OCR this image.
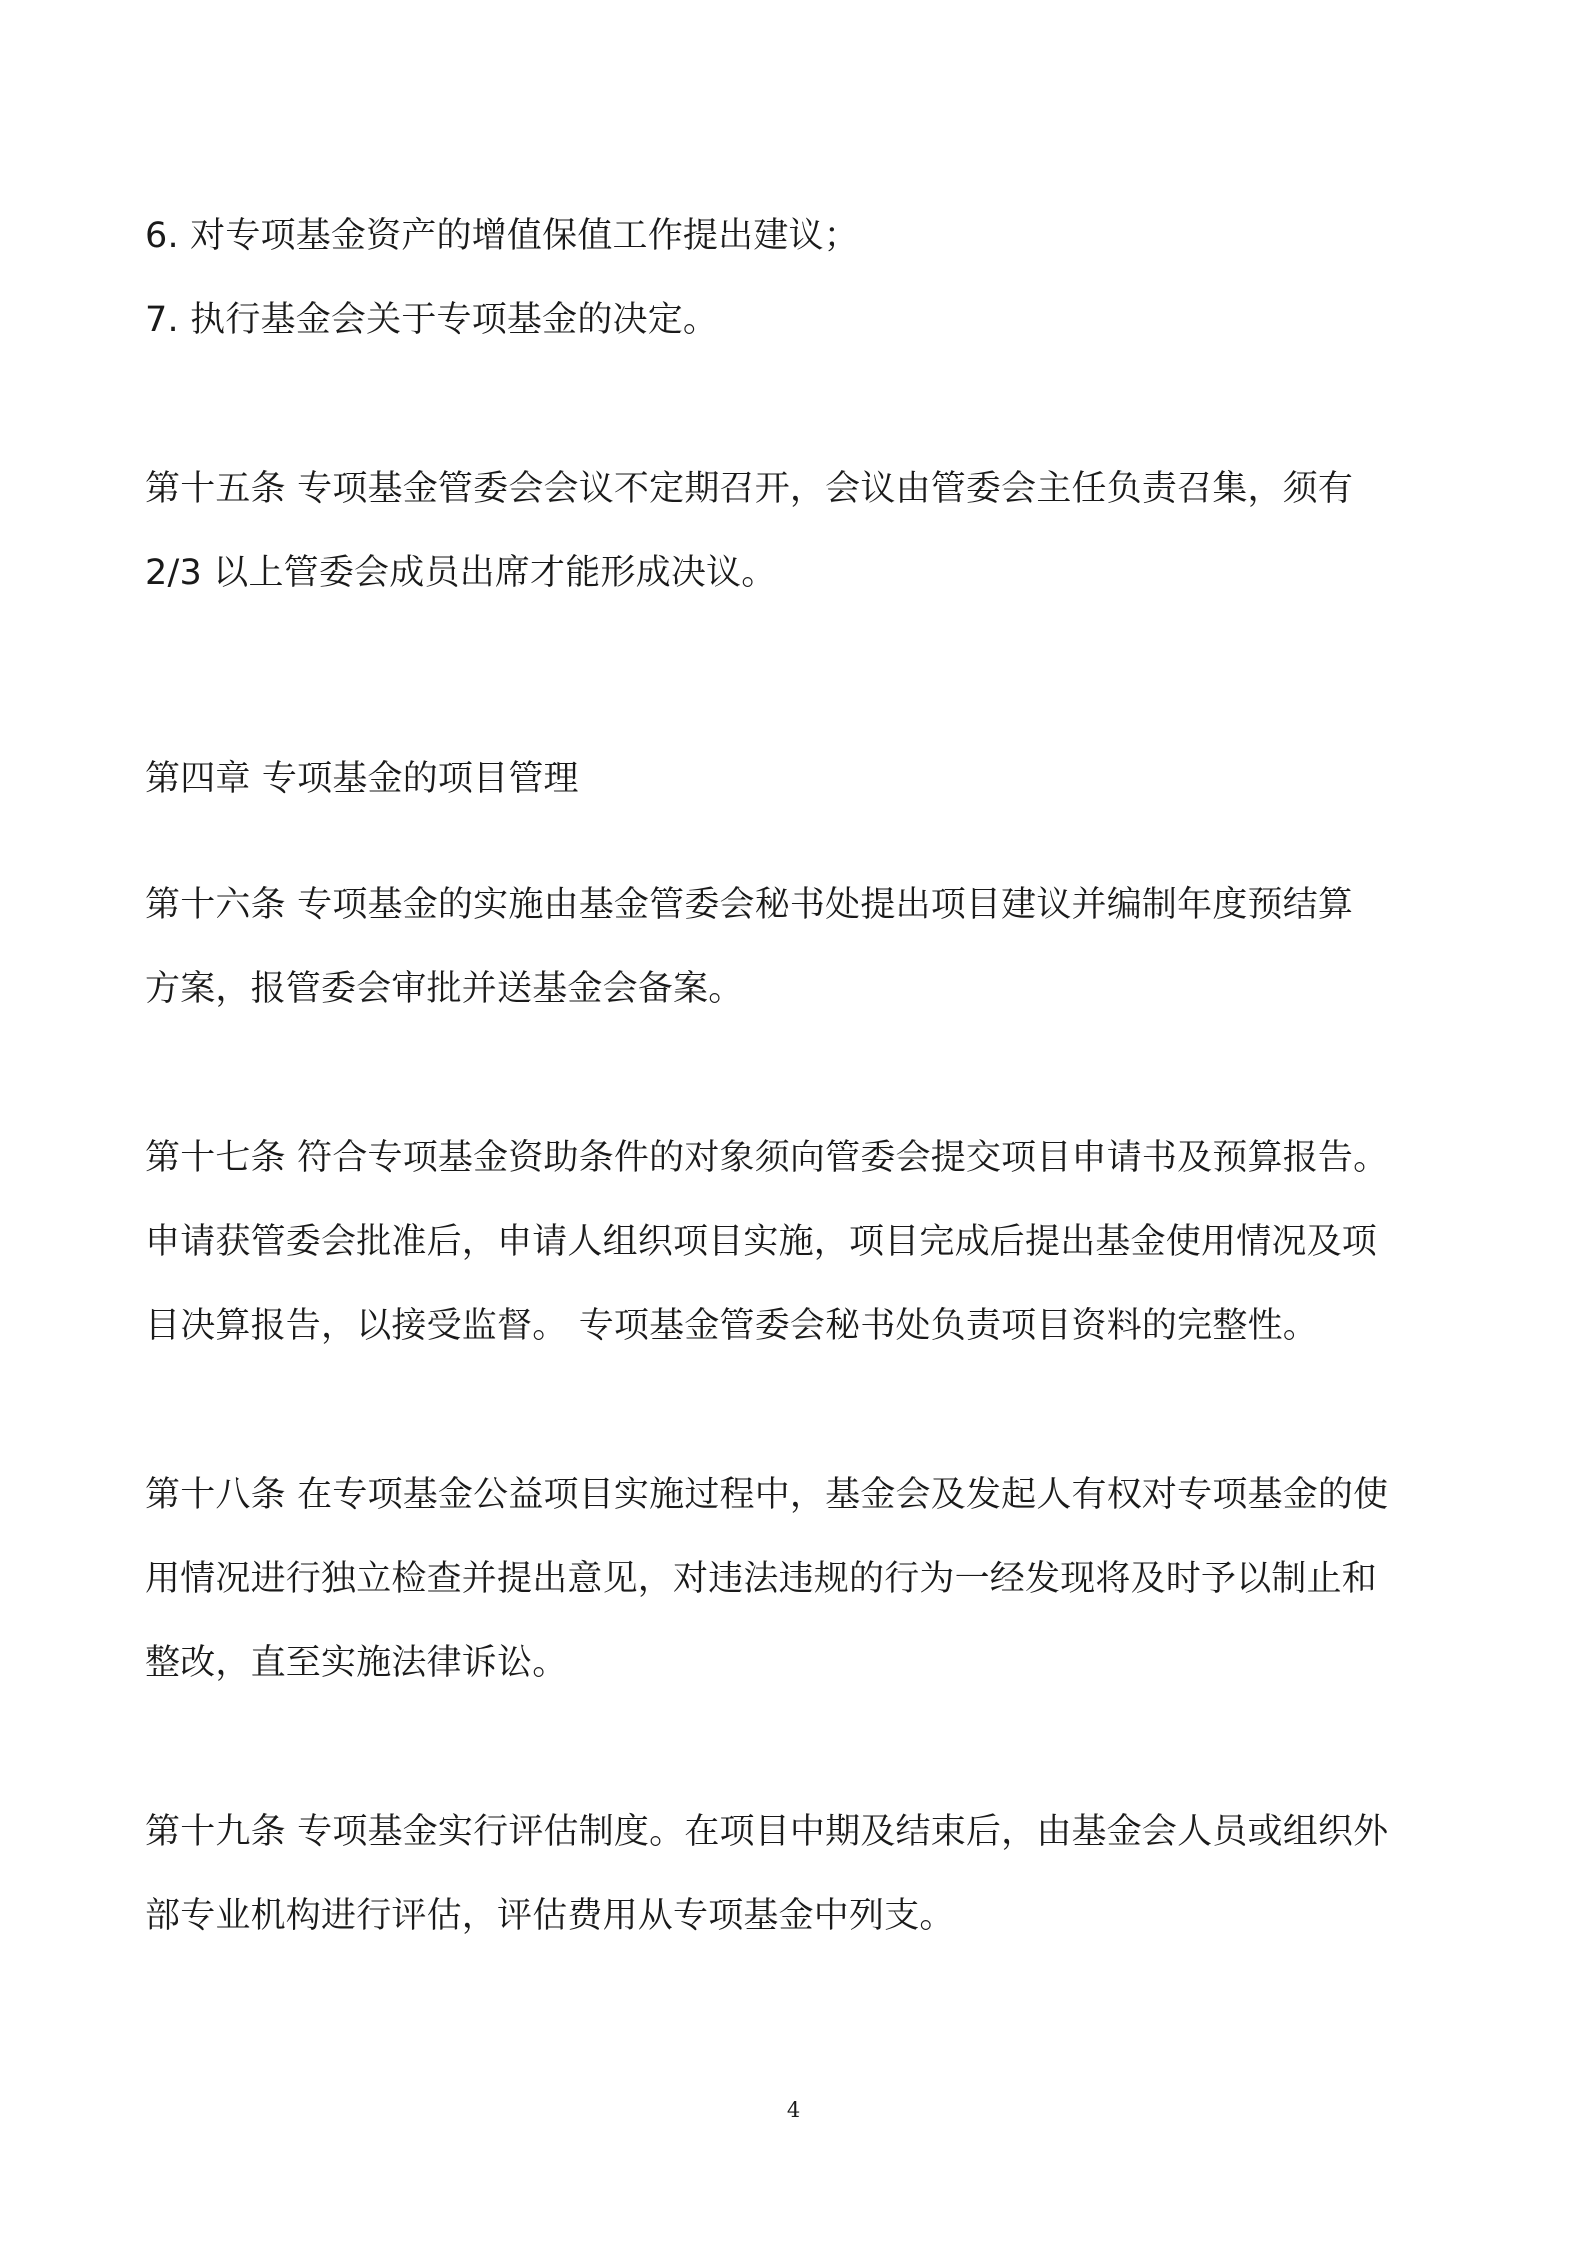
6. 对专项基金资产的增值保值工作提出建议；
7. 执行基金会关于专项基金的决定。
第十五条 专项基金管委会会议不定期召开，会议由管委会主任负责召集，须有
2/3 以上管委会成员出席才能形成决议。
第四章 专项基金的项目管理
第十六条 专项基金的实施由基金管委会秘书处提出项目建议并编制年度预结算
方案，报管委会审批并送基金会备案。
第十七条 符合专项基金资助条件的对象须向管委会提交项目申请书及预算报告。
申请获管委会批准后，申请人组织项目实施，项目完成后提出基金使用情况及项
目决算报告，以接受监督。 专项基金管委会秘书处负责项目资料的完整性。
第十八条 在专项基金公益项目实施过程中，基金会及发起人有权对专项基金的使
用情况进行独立检查并提出意见，对违法违规的行为一经发现将及时予以制止和
整改，直至实施法律诉讼。
第十九条 专项基金实行评估制度。在项目中期及结束后，由基金会人员或组织外
部专业机构进行评估，评估费用从专项基金中列支。
4
